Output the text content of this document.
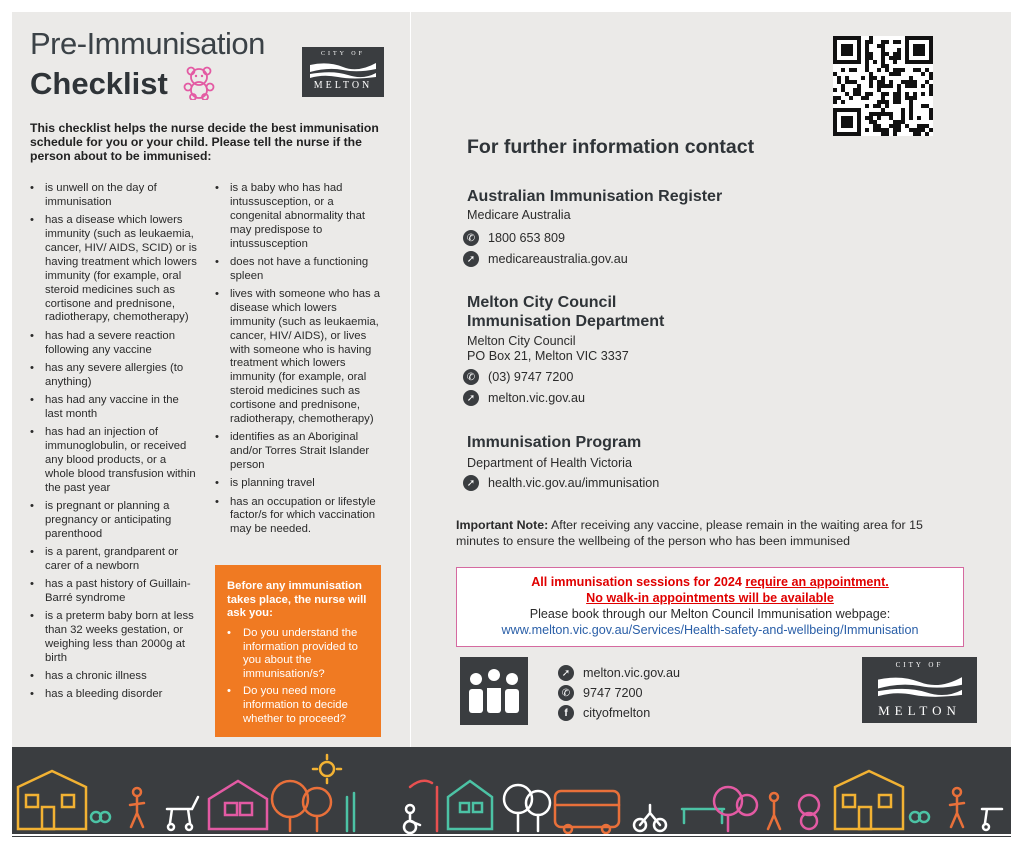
Pre-Immunisation
Checklist
CITY OF
MELTON
This checklist helps the nurse decide the best immunisation schedule for you or your child. Please tell the nurse if the person about to be immunised:
• is unwell on the day of immunisation
• has a disease which lowers immunity (such as leukaemia, cancer, HIV/ AIDS, SCID) or is having treatment which lowers immunity (for example, oral steroid medicines such as cortisone and prednisone, radiotherapy, chemotherapy)
• has had a severe reaction following any vaccine
• has any severe allergies (to anything)
• has had any vaccine in the last month
• has had an injection of immunoglobulin, or received any blood products, or a whole blood transfusion within the past year
• is pregnant or planning a pregnancy or anticipating parenthood
• is a parent, grandparent or carer of a newborn
• has a past history of Guillain-Barré syndrome
• is a preterm baby born at less than 32 weeks gestation, or weighing less than 2000g at birth
• has a chronic illness
• has a bleeding disorder
• is a baby who has had intussusception, or a congenital abnormality that may predispose to intussusception
• does not have a functioning spleen
• lives with someone who has a disease which lowers immunity (such as leukaemia, cancer, HIV/ AIDS), or lives with someone who is having treatment which lowers immunity (for example, oral steroid medicines such as cortisone and prednisone, radiotherapy, chemotherapy)
• identifies as an Aboriginal and/or Torres Strait Islander person
• is planning travel
• has an occupation or lifestyle factor/s for which vaccination may be needed.
Before any immunisation takes place, the nurse will ask you:
• Do you understand the information provided to you about the immunisation/s?
• Do you need more information to decide whether to proceed?
For further information contact
Australian Immunisation Register
Medicare Australia
✆	1800 653 809
➚	medicareaustralia.gov.au
Melton City Council
Immunisation Department
Melton City Council
PO Box 21, Melton VIC 3337
✆	(03) 9747 7200
➚	melton.vic.gov.au
Immunisation Program
Department of Health Victoria
➚	health.vic.gov.au/immunisation
Important Note: After receiving any vaccine, please remain in the waiting area for 15 minutes to ensure the wellbeing of the person who has been immunised
All immunisation sessions for 2024 require an appointment.
No walk-in appointments will be available
Please book through our Melton Council Immunisation webpage:
www.melton.vic.gov.au/Services/Health-safety-and-wellbeing/Immunisation
➚	melton.vic.gov.au
✆	9747 7200
f	cityofmelton
CITY OF
MELTON
